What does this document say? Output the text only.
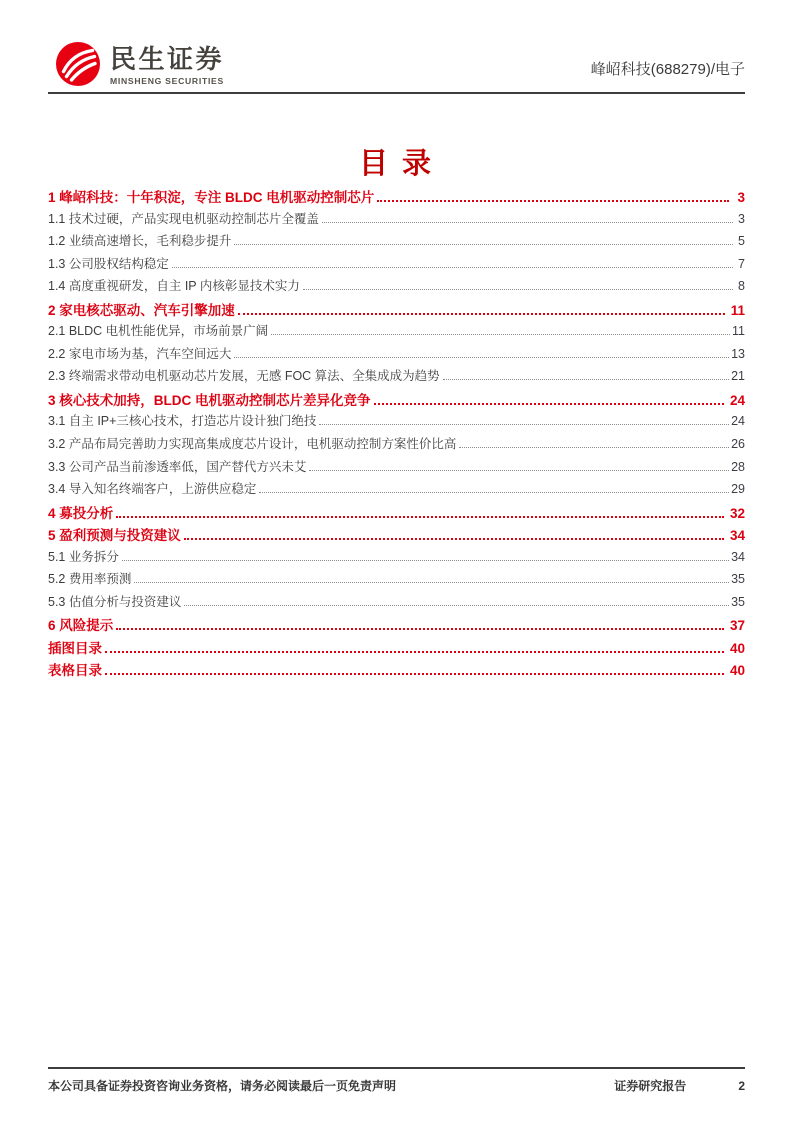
民生证券
MINSHENG SECURITIES
峰岹科技(688279)/电子
目 录
1 峰岹科技：十年积淀，专注 BLDC 电机驱动控制芯片	3
1.1 技术过硬，产品实现电机驱动控制芯片全覆盖	3
1.2 业绩高速增长，毛利稳步提升	5
1.3 公司股权结构稳定	7
1.4 高度重视研发，自主 IP 内核彰显技术实力	8
2 家电核芯驱动、汽车引擎加速	11
2.1 BLDC 电机性能优异，市场前景广阔	11
2.2 家电市场为基，汽车空间远大	13
2.3 终端需求带动电机驱动芯片发展，无感 FOC 算法、全集成成为趋势	21
3 核心技术加持，BLDC 电机驱动控制芯片差异化竞争	24
3.1 自主 IP+三核心技术，打造芯片设计独门绝技	24
3.2 产品布局完善助力实现高集成度芯片设计，电机驱动控制方案性价比高	26
3.3 公司产品当前渗透率低，国产替代方兴未艾	28
3.4 导入知名终端客户，上游供应稳定	29
4 募投分析	32
5 盈利预测与投资建议	34
5.1 业务拆分	34
5.2 费用率预测	35
5.3 估值分析与投资建议	35
6 风险提示	37
插图目录	40
表格目录	40
本公司具备证券投资咨询业务资格，请务必阅读最后一页免责声明	证券研究报告	2
